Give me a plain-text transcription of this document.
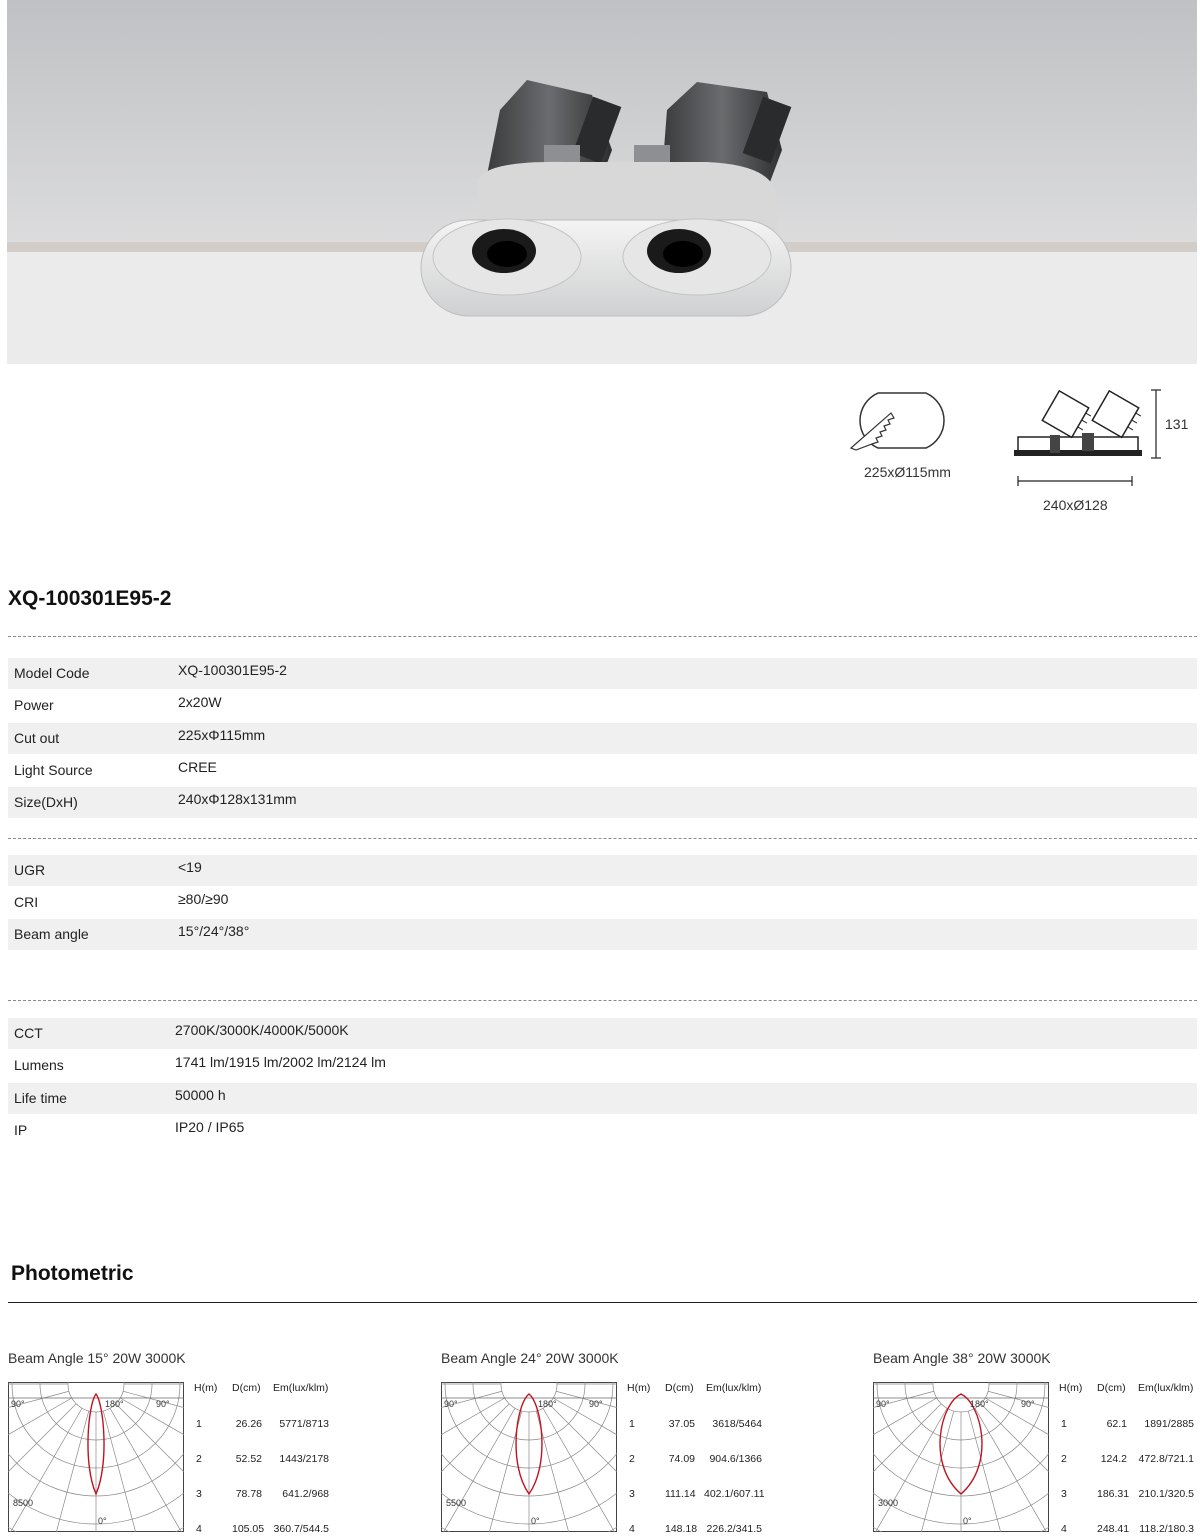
225xØ115mm
131
240xØ128
XQ-100301E95-2
Model Code	XQ-100301E95-2
Power	2x20W
Cut out	225xΦ115mm
Light Source	CREE
Size(DxH)	240xΦ128x131mm
UGR	<19
CRI	≥80/≥90
Beam angle	15°/24°/38°
CCT	2700K/3000K/4000K/5000K
Lumens	1741 lm/1915 lm/2002 lm/2124 lm
Life time	50000 h
IP	IP20 / IP65
Photometric
Beam Angle 15° 20W 3000K
90°	180°	90°
0°
8500
H(m) D(cm) Em(lux/klm)
1	26.26	5771/8713
2	52.52	1443/2178
3	78.78	641.2/968
4	105.05 360.7/544.5
Beam Angle 24° 20W 3000K
90°	180°	90°
0°
5500
H(m) D(cm) Em(lux/klm)
1	37.05	3618/5464
2	74.09	904.6/1366
3	111.14 402.1/607.11
4	148.18 226.2/341.5
Beam Angle 38° 20W 3000K
90°	180°	90°
0°
3000
H(m) D(cm) Em(lux/klm)
1	62.1	1891/2885
2	124.2 472.8/721.1
3	186.31 210.1/320.5
4	248.41 118.2/180.3
